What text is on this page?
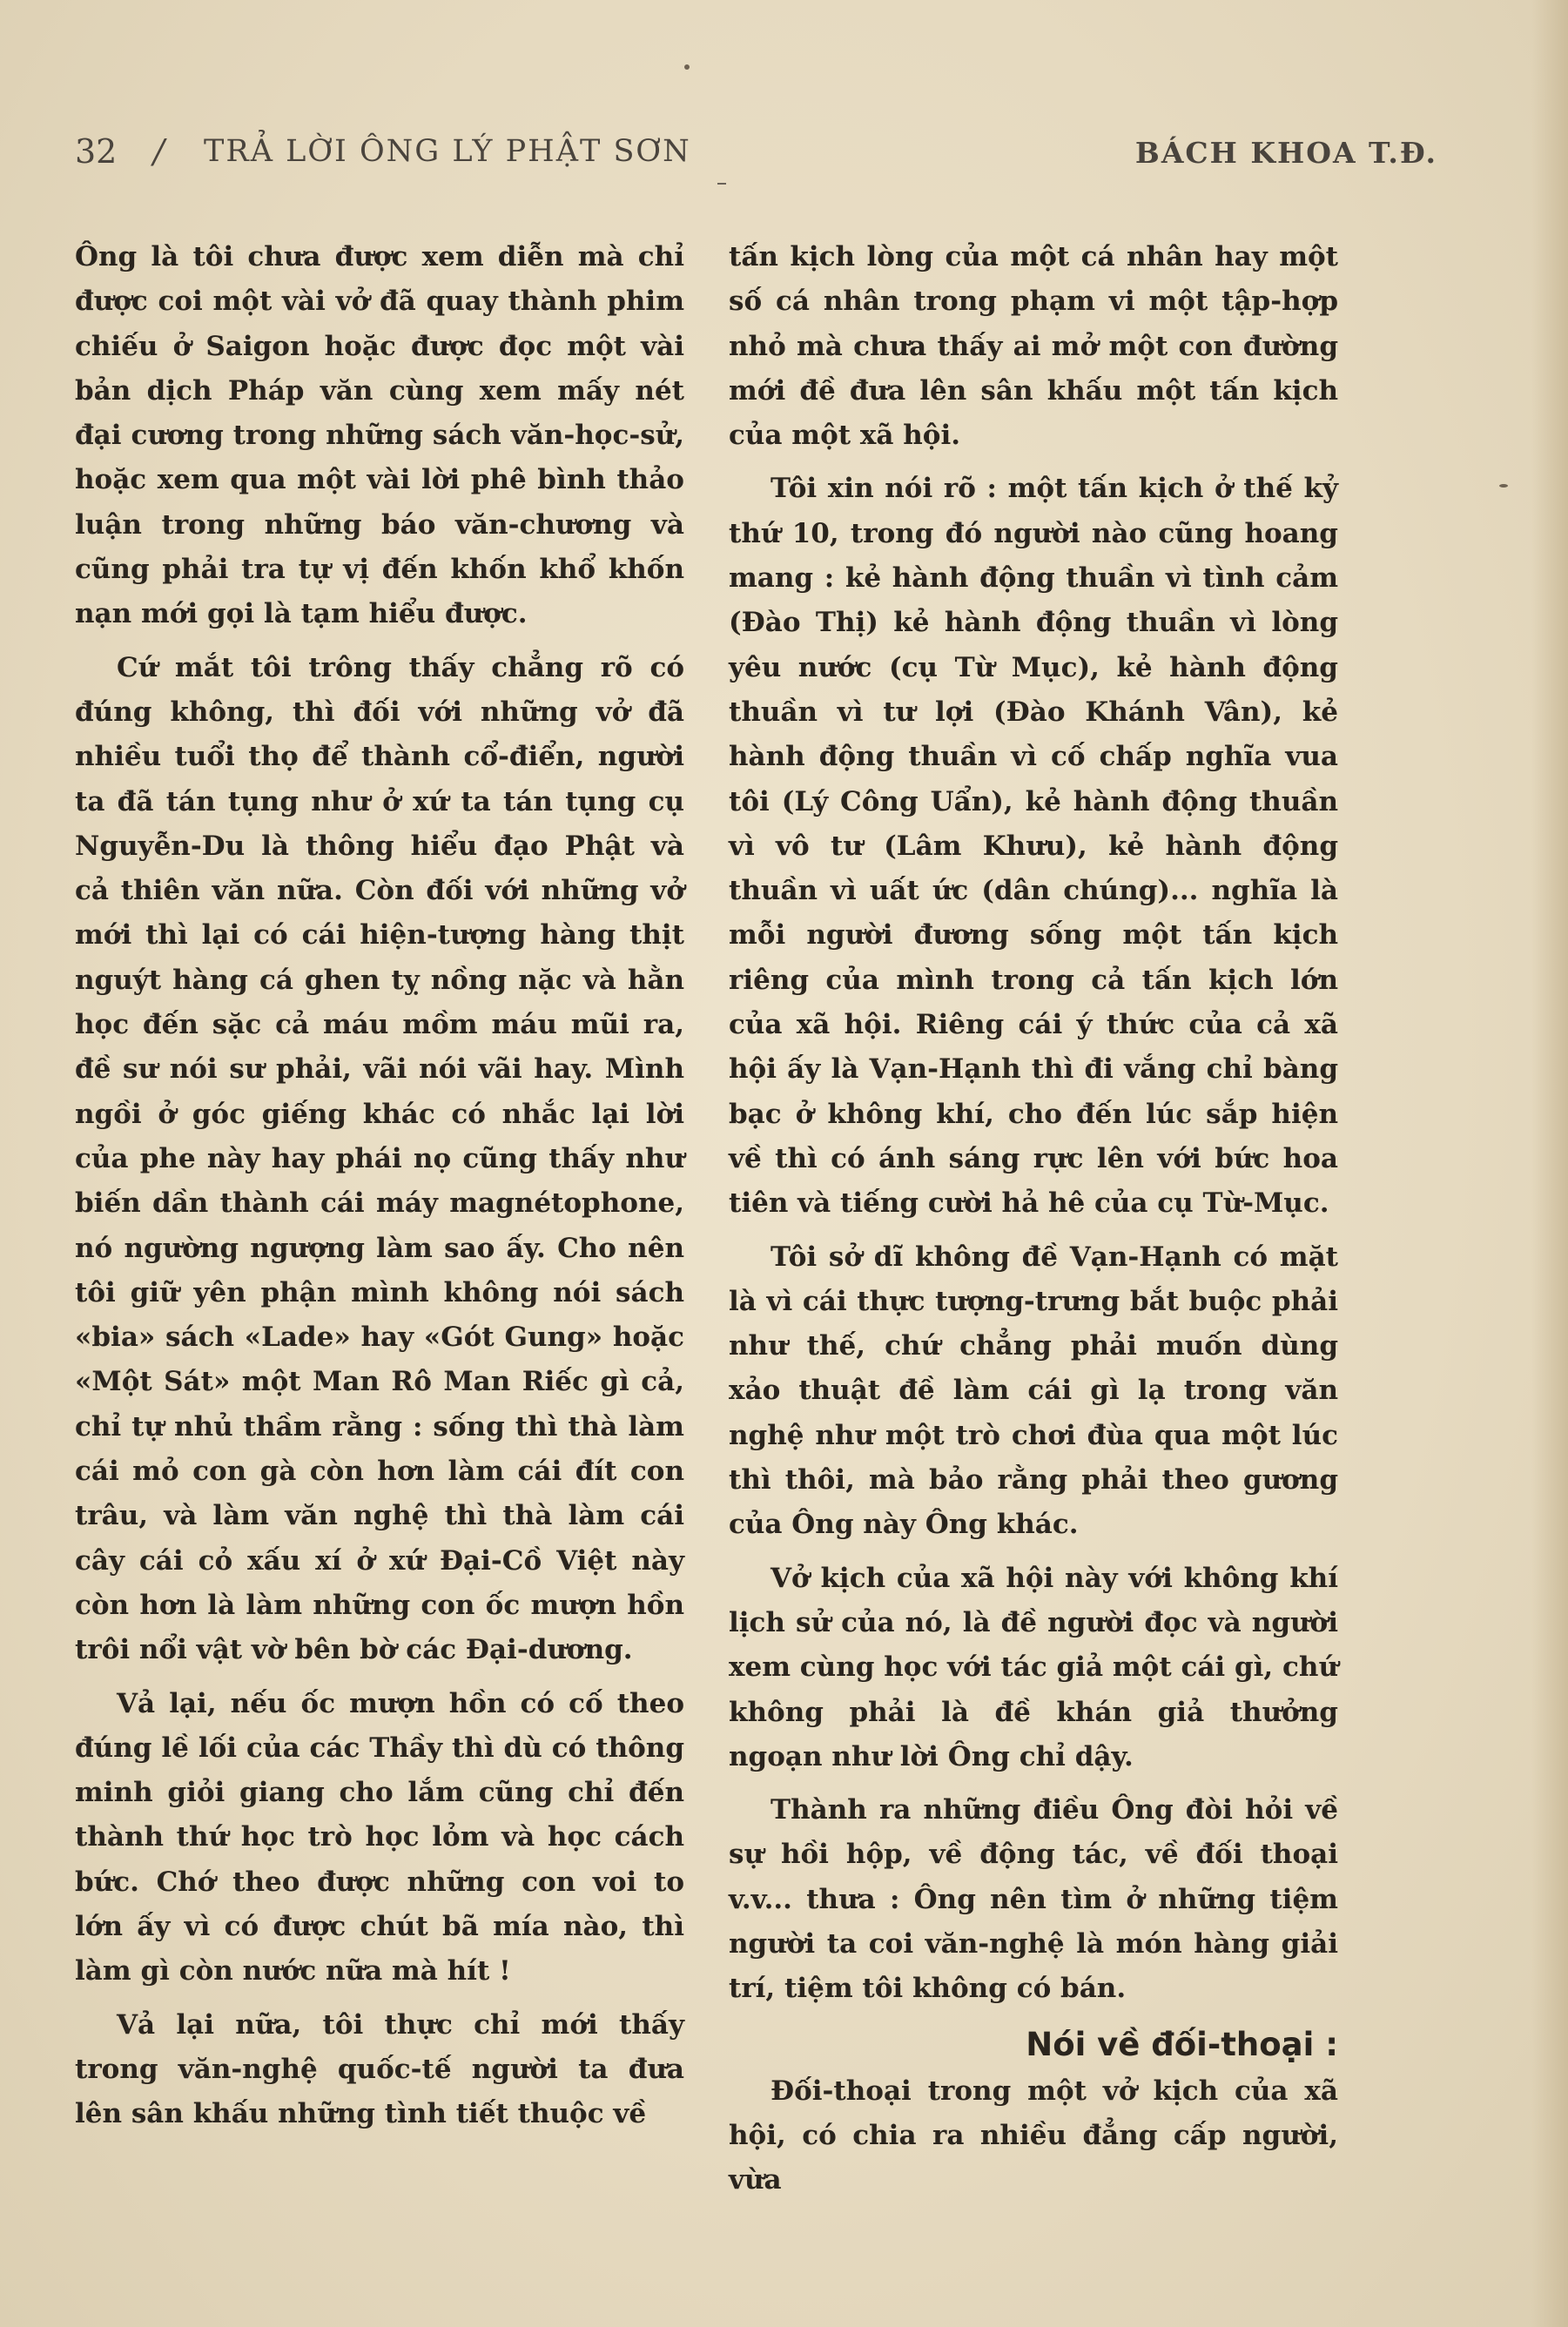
32 / TRẢ LỜI ÔNG LÝ PHẬT SƠN	BÁCH KHOA T.Đ.

Ông là tôi chưa được xem diễn mà chỉ được coi một vài vở đã quay thành phim chiếu ở Saigon hoặc được đọc một vài bản dịch Pháp văn cùng xem mấy nét đại cương trong những sách văn-học-sử, hoặc xem qua một vài lời phê bình thảo luận trong những báo văn-chương và cũng phải tra tự vị đến khốn khổ khốn nạn mới gọi là tạm hiểu được.

Cứ mắt tôi trông thấy chẳng rõ có đúng không, thì đối với những vở đã nhiều tuổi thọ để thành cổ-điển, người ta đã tán tụng như ở xứ ta tán tụng cụ Nguyễn-Du là thông hiểu đạo Phật và cả thiên văn nữa. Còn đối với những vở mới thì lại có cái hiện-tượng hàng thịt nguýt hàng cá ghen tỵ nồng nặc và hằn học đến sặc cả máu mồm máu mũi ra, đề sư nói sư phải, vãi nói vãi hay. Mình ngồi ở góc giếng khác có nhắc lại lời của phe này hay phái nọ cũng thấy như biến dần thành cái máy magnétophone, nó ngường ngượng làm sao ấy. Cho nên tôi giữ yên phận mình không nói sách «bia» sách «Lade» hay «Gót Gung» hoặc «Một Sát» một Man Rô Man Riếc gì cả, chỉ tự nhủ thầm rằng : sống thì thà làm cái mỏ con gà còn hơn làm cái đít con trâu, và làm văn nghệ thì thà làm cái cây cái cỏ xấu xí ở xứ Đại-Cồ Việt này còn hơn là làm những con ốc mượn hồn trôi nổi vật vờ bên bờ các Đại-dương.

Vả lại, nếu ốc mượn hồn có cố theo đúng lề lối của các Thầy thì dù có thông minh giỏi giang cho lắm cũng chỉ đến thành thứ học trò học lỏm và học cách bức. Chớ theo được những con voi to lớn ấy vì có được chút bã mía nào, thì làm gì còn nước nữa mà hít !

Vả lại nữa, tôi thực chỉ mới thấy trong văn-nghệ quốc-tế người ta đưa lên sân khấu những tình tiết thuộc về

tấn kịch lòng của một cá nhân hay một số cá nhân trong phạm vi một tập-hợp nhỏ mà chưa thấy ai mở một con đường mới đề đưa lên sân khấu một tấn kịch của một xã hội.

Tôi xin nói rõ : một tấn kịch ở thế kỷ thứ 10, trong đó người nào cũng hoang mang : kẻ hành động thuần vì tình cảm (Đào Thị) kẻ hành động thuần vì lòng yêu nước (cụ Từ Mục), kẻ hành động thuần vì tư lợi (Đào Khánh Vân), kẻ hành động thuần vì cố chấp nghĩa vua tôi (Lý Công Uẩn), kẻ hành động thuần vì vô tư (Lâm Khưu), kẻ hành động thuần vì uất ức (dân chúng)... nghĩa là mỗi người đương sống một tấn kịch riêng của mình trong cả tấn kịch lớn của xã hội. Riêng cái ý thức của cả xã hội ấy là Vạn-Hạnh thì đi vắng chỉ bàng bạc ở không khí, cho đến lúc sắp hiện về thì có ánh sáng rực lên với bức hoa tiên và tiếng cười hả hê của cụ Từ-Mục.

Tôi sở dĩ không đề Vạn-Hạnh có mặt là vì cái thực tượng-trưng bắt buộc phải như thế, chứ chẳng phải muốn dùng xảo thuật đề làm cái gì lạ trong văn nghệ như một trò chơi đùa qua một lúc thì thôi, mà bảo rằng phải theo gương của Ông này Ông khác.

Vở kịch của xã hội này với không khí lịch sử của nó, là đề người đọc và người xem cùng học với tác giả một cái gì, chứ không phải là đề khán giả thưởng ngoạn như lời Ông chỉ dậy.

Thành ra những điều Ông đòi hỏi về sự hồi hộp, về động tác, về đối thoại v.v... thưa : Ông nên tìm ở những tiệm người ta coi văn-nghệ là món hàng giải trí, tiệm tôi không có bán.

Nói về đối-thoại :

Đối-thoại trong một vở kịch của xã hội, có chia ra nhiều đẳng cấp người, vừa
